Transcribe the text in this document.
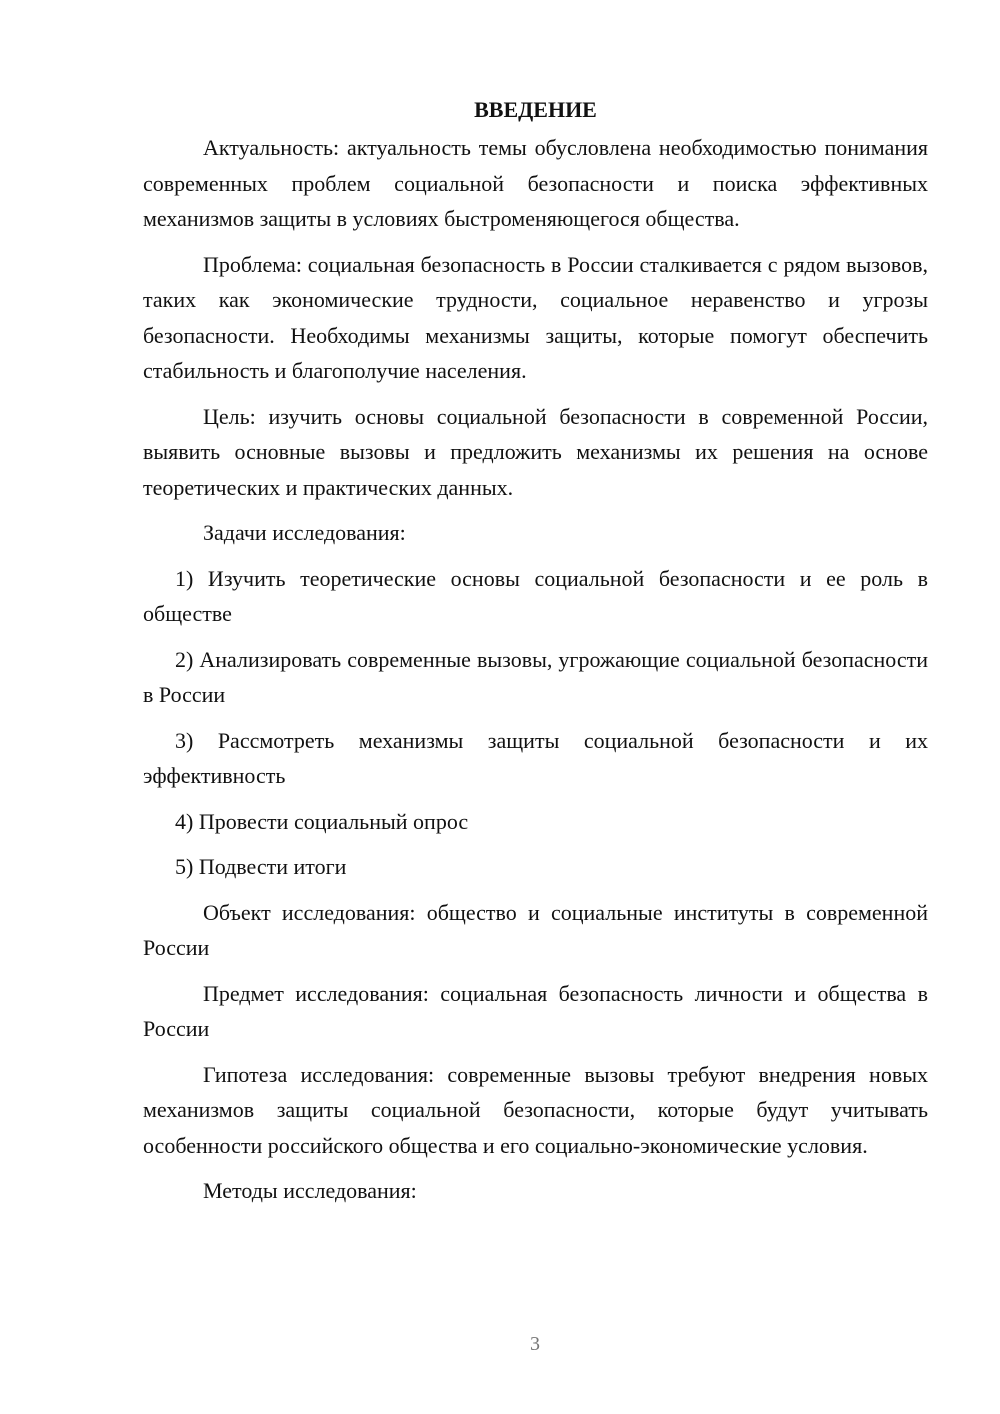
ВВЕДЕНИЕ

Актуальность: актуальность темы обусловлена необходимостью понимания современных проблем социальной безопасности и поиска эффективных механизмов защиты в условиях быстроменяющегося общества.

Проблема: социальная безопасность в России сталкивается с рядом вызовов, таких как экономические трудности, социальное неравенство и угрозы безопасности. Необходимы механизмы защиты, которые помогут обеспечить стабильность и благополучие населения.

Цель: изучить основы социальной безопасности в современной России, выявить основные вызовы и предложить механизмы их решения на основе теоретических и практических данных.

Задачи исследования:

1) Изучить теоретические основы социальной безопасности и ее роль в обществе

2) Анализировать современные вызовы, угрожающие социальной безопасности в России

3) Рассмотреть механизмы защиты социальной безопасности и их эффективность

4) Провести социальный опрос

5) Подвести итоги

Объект исследования: общество и социальные институты в современной России

Предмет исследования: социальная безопасность личности и общества в России

Гипотеза исследования: современные вызовы требуют внедрения новых механизмов защиты социальной безопасности, которые будут учитывать особенности российского общества и его социально-экономические условия.

Методы исследования:

3
